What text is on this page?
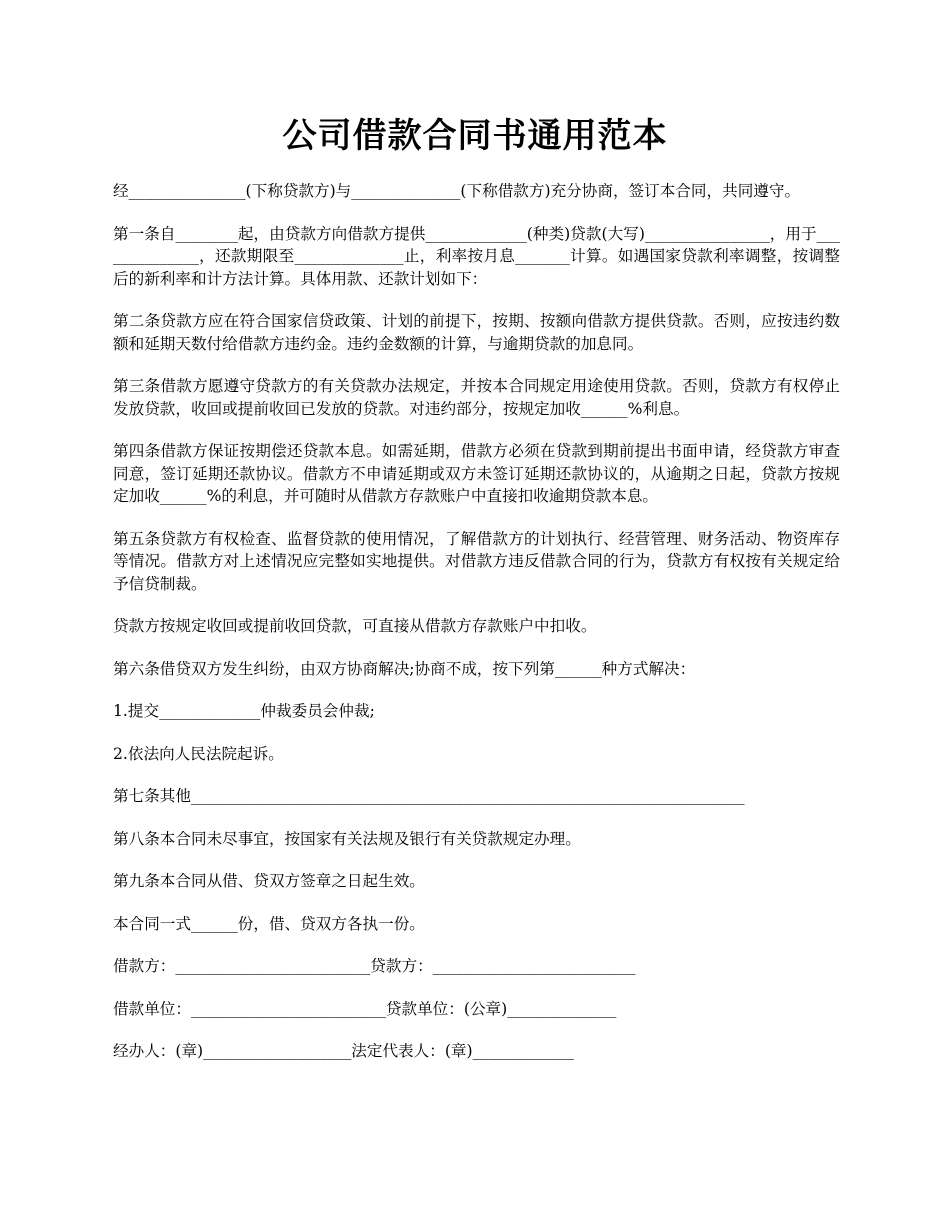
公司借款合同书通用范本

经_______________(下称贷款方)与______________(下称借款方)充分协商，签订本合同，共同遵守。

第一条自________起，由贷款方向借款方提供_____________(种类)贷款(大写)________________，用于______________，还款期限至______________止，利率按月息_______计算。如遇国家贷款利率调整，按调整后的新利率和计方法计算。具体用款、还款计划如下：

第二条贷款方应在符合国家信贷政策、计划的前提下，按期、按额向借款方提供贷款。否则，应按违约数额和延期天数付给借款方违约金。违约金数额的计算，与逾期贷款的加息同。

第三条借款方愿遵守贷款方的有关贷款办法规定，并按本合同规定用途使用贷款。否则，贷款方有权停止发放贷款，收回或提前收回已发放的贷款。对违约部分，按规定加收______%利息。

第四条借款方保证按期偿还贷款本息。如需延期，借款方必须在贷款到期前提出书面申请，经贷款方审查同意，签订延期还款协议。借款方不申请延期或双方未签订延期还款协议的，从逾期之日起，贷款方按规定加收______%的利息，并可随时从借款方存款账户中直接扣收逾期贷款本息。

第五条贷款方有权检查、监督贷款的使用情况，了解借款方的计划执行、经营管理、财务活动、物资库存等情况。借款方对上述情况应完整如实地提供。对借款方违反借款合同的行为，贷款方有权按有关规定给予信贷制裁。

贷款方按规定收回或提前收回贷款，可直接从借款方存款账户中扣收。

第六条借贷双方发生纠纷，由双方协商解决;协商不成，按下列第______种方式解决：

1.提交_____________仲裁委员会仲裁;

2.依法向人民法院起诉。

第七条其他_______________________________________________________________________

第八条本合同未尽事宜，按国家有关法规及银行有关贷款规定办理。

第九条本合同从借、贷双方签章之日起生效。

本合同一式______份，借、贷双方各执一份。

借款方：_________________________贷款方：__________________________

借款单位：_________________________贷款单位：(公章)______________

经办人：(章)___________________法定代表人：(章)_____________
